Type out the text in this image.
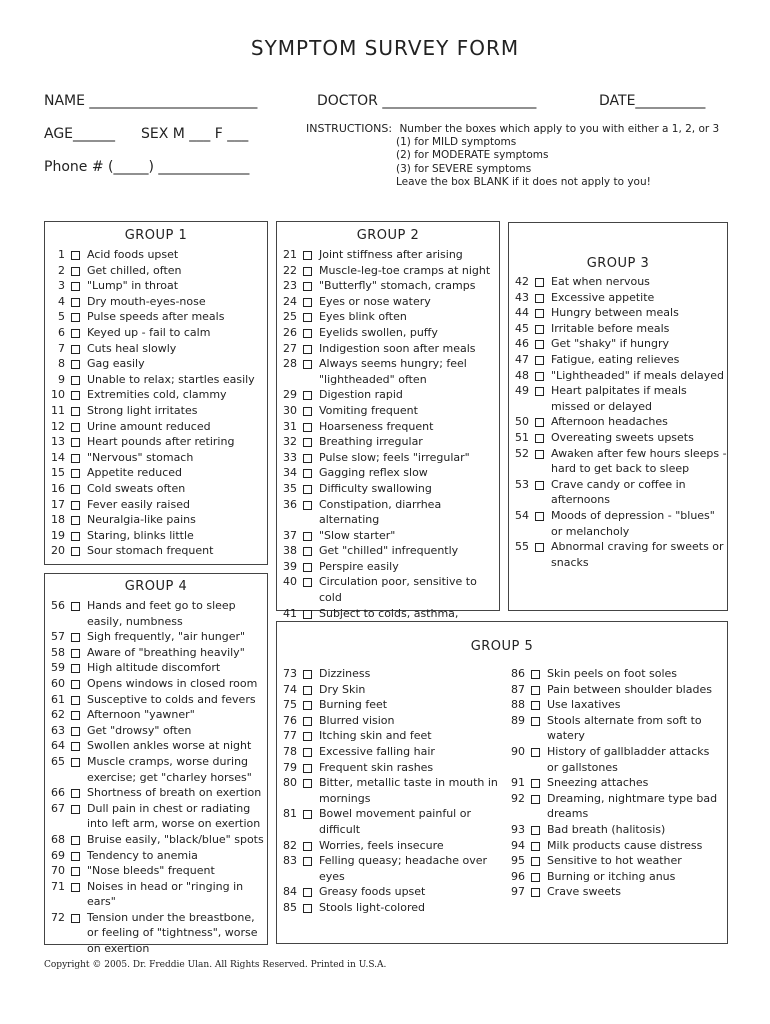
SYMPTOM SURVEY FORM
NAME ________________________	DOCTOR ______________________	DATE__________
AGE______ SEX M ___ F ___
Phone # (_____) _____________
INSTRUCTIONS: Number the boxes which apply to you with either a 1, 2, or 3
(1) for MILD symptoms
(2) for MODERATE symptoms
(3) for SEVERE symptoms
Leave the box BLANK if it does not apply to you!
GROUP 1
1 Acid foods upset
2 Get chilled, often
3 "Lump" in throat
4 Dry mouth-eyes-nose
5 Pulse speeds after meals
6 Keyed up - fail to calm
7 Cuts heal slowly
8 Gag easily
9 Unable to relax; startles easily
10 Extremities cold, clammy
11 Strong light irritates
12 Urine amount reduced
13 Heart pounds after retiring
14 "Nervous" stomach
15 Appetite reduced
16 Cold sweats often
17 Fever easily raised
18 Neuralgia-like pains
19 Staring, blinks little
20 Sour stomach frequent
GROUP 2
21 Joint stiffness after arising
22 Muscle-leg-toe cramps at night
23 "Butterfly" stomach, cramps
24 Eyes or nose watery
25 Eyes blink often
26 Eyelids swollen, puffy
27 Indigestion soon after meals
28 Always seems hungry; feel "lightheaded" often
29 Digestion rapid
30 Vomiting frequent
31 Hoarseness frequent
32 Breathing irregular
33 Pulse slow; feels "irregular"
34 Gagging reflex slow
35 Difficulty swallowing
36 Constipation, diarrhea alternating
37 "Slow starter"
38 Get "chilled" infrequently
39 Perspire easily
40 Circulation poor, sensitive to cold
41 Subject to colds, asthma,
GROUP 3
42 Eat when nervous
43 Excessive appetite
44 Hungry between meals
45 Irritable before meals
46 Get "shaky" if hungry
47 Fatigue, eating relieves
48 "Lightheaded" if meals delayed
49 Heart palpitates if meals missed or delayed
50 Afternoon headaches
51 Overeating sweets upsets
52 Awaken after few hours sleeps - hard to get back to sleep
53 Crave candy or coffee in afternoons
54 Moods of depression - "blues" or melancholy
55 Abnormal craving for sweets or snacks
GROUP 4
56 Hands and feet go to sleep easily, numbness
57 Sigh frequently, "air hunger"
58 Aware of "breathing heavily"
59 High altitude discomfort
60 Opens windows in closed room
61 Susceptive to colds and fevers
62 Afternoon "yawner"
63 Get "drowsy" often
64 Swollen ankles worse at night
65 Muscle cramps, worse during exercise; get "charley horses"
66 Shortness of breath on exertion
67 Dull pain in chest or radiating into left arm, worse on exertion
68 Bruise easily, "black/blue" spots
69 Tendency to anemia
70 "Nose bleeds" frequent
71 Noises in head or "ringing in ears"
72 Tension under the breastbone, or feeling of "tightness", worse on exertion
GROUP 5
73 Dizziness
74 Dry Skin
75 Burning feet
76 Blurred vision
77 Itching skin and feet
78 Excessive falling hair
79 Frequent skin rashes
80 Bitter, metallic taste in mouth in mornings
81 Bowel movement painful or difficult
82 Worries, feels insecure
83 Felling queasy; headache over eyes
84 Greasy foods upset
85 Stools light-colored
86 Skin peels on foot soles
87 Pain between shoulder blades
88 Use laxatives
89 Stools alternate from soft to watery
90 History of gallbladder attacks or gallstones
91 Sneezing attaches
92 Dreaming, nightmare type bad dreams
93 Bad breath (halitosis)
94 Milk products cause distress
95 Sensitive to hot weather
96 Burning or itching anus
97 Crave sweets
Copyright © 2005. Dr. Freddie Ulan. All Rights Reserved. Printed in U.S.A.
